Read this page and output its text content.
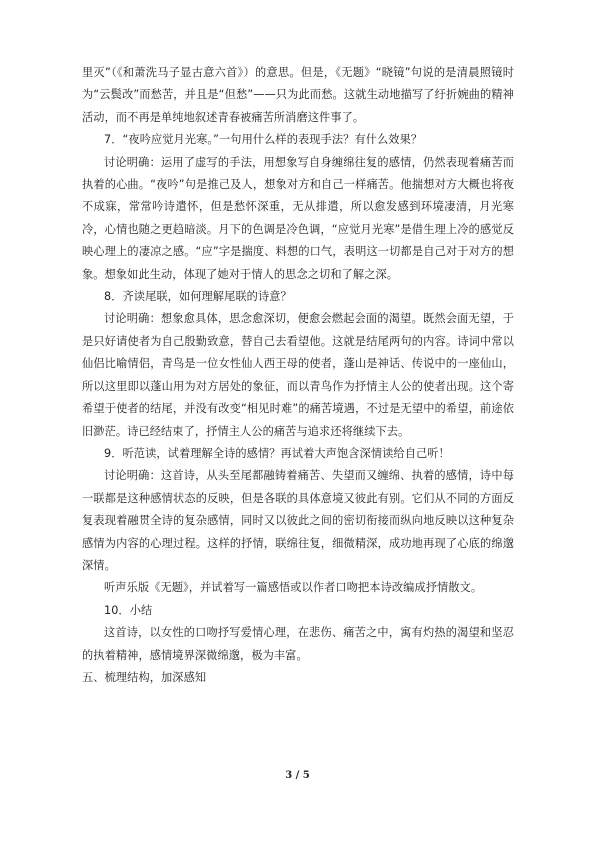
里灭”（《和萧洗马子显古意六首》）的意思。但是，《无题》“晓镜”句说的是清晨照镜时为“云鬓改”而愁苦，并且是“但愁”——只为此而愁。这就生动地描写了纡折婉曲的精神活动，而不再是单纯地叙述青春被痛苦所消磨这件事了。

7．“夜吟应觉月光寒。”一句用什么样的表现手法？有什么效果？

讨论明确：运用了虚写的手法，用想象写自身缠绵往复的感情，仍然表现着痛苦而执着的心曲。“夜吟”句是推己及人，想象对方和自己一样痛苦。他揣想对方大概也将夜不成寐，常常吟诗遣怀，但是愁怀深重，无从排遣，所以愈发感到环境凄清，月光寒冷，心情也随之更趋暗淡。月下的色调是冷色调，“应觉月光寒”是借生理上冷的感觉反映心理上的凄凉之感。“应”字是揣度、料想的口气，表明这一切都是自己对于对方的想象。想象如此生动，体现了她对于情人的思念之切和了解之深。

8．齐读尾联，如何理解尾联的诗意？

讨论明确：想象愈具体，思念愈深切，便愈会燃起会面的渴望。既然会面无望，于是只好请使者为自己殷勤致意，替自己去看望他。这就是结尾两句的内容。诗词中常以仙侣比喻情侣，青鸟是一位女性仙人西王母的使者，蓬山是神话、传说中的一座仙山，所以这里即以蓬山用为对方居处的象征，而以青鸟作为抒情主人公的使者出现。这个寄希望于使者的结尾，并没有改变“相见时难”的痛苦境遇，不过是无望中的希望，前途依旧渺茫。诗已经结束了，抒情主人公的痛苦与追求还将继续下去。

9．听范读，试着理解全诗的感情？再试着大声饱含深情读给自己听！

讨论明确：这首诗，从头至尾都融铸着痛苦、失望而又缠绵、执着的感情，诗中每一联都是这种感情状态的反映，但是各联的具体意境又彼此有别。它们从不同的方面反复表现着融贯全诗的复杂感情，同时又以彼此之间的密切衔接而纵向地反映以这种复杂感情为内容的心理过程。这样的抒情，联绵往复，细微精深，成功地再现了心底的绵邈深情。

听声乐版《无题》，并试着写一篇感悟或以作者口吻把本诗改编成抒情散文。

10．小结

这首诗，以女性的口吻抒写爱情心理，在悲伤、痛苦之中，寓有灼热的渴望和坚忍的执着精神，感情境界深微绵邈，极为丰富。

五、梳理结构，加深感知

3 / 5
